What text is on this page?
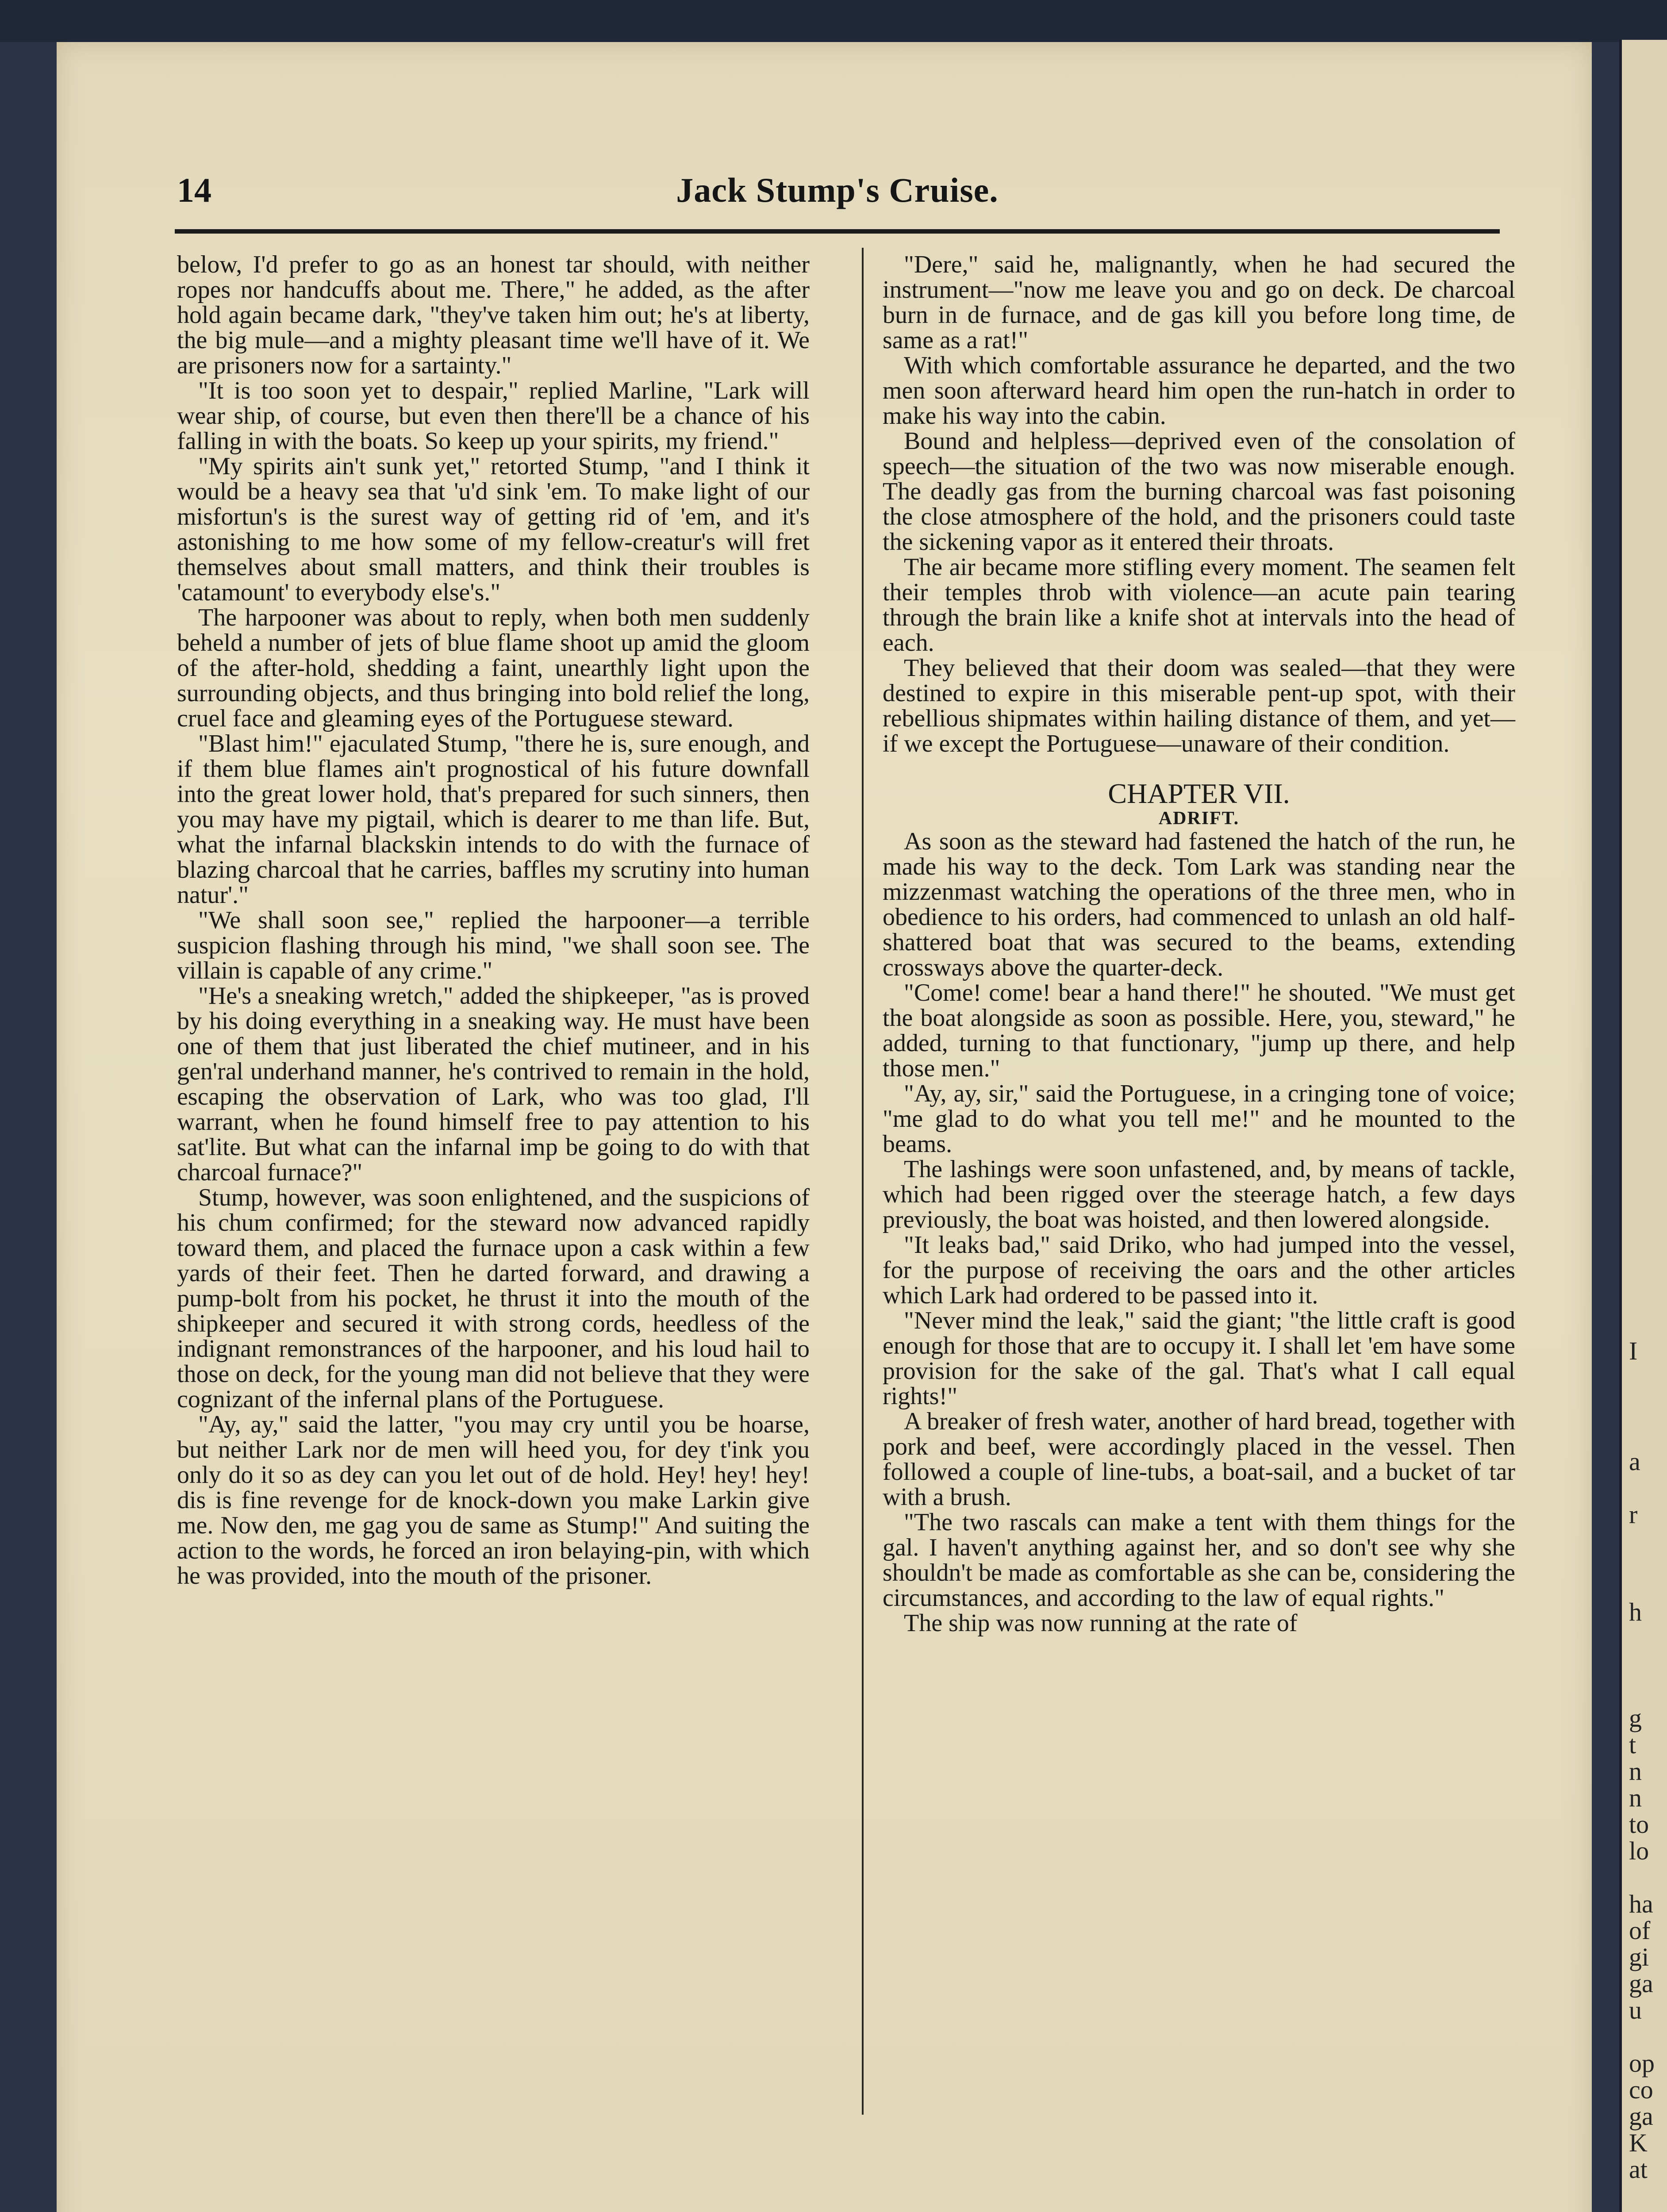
I
a
r
h
g
t
n
n
to
lo
ha
of
gi
ga
u
op
co
ga
K
at
14	Jack Stump's Cruise.

below, I'd prefer to go as an honest tar should, with neither ropes nor handcuffs about me. There," he added, as the after hold again became dark, "they've taken him out; he's at liberty, the big mule—and a mighty pleasant time we'll have of it. We are prisoners now for a sartainty."

"It is too soon yet to despair," replied Marline, "Lark will wear ship, of course, but even then there'll be a chance of his falling in with the boats. So keep up your spirits, my friend."

"My spirits ain't sunk yet," retorted Stump, "and I think it would be a heavy sea that 'u'd sink 'em. To make light of our misfortun's is the surest way of getting rid of 'em, and it's astonishing to me how some of my fellow-creatur's will fret themselves about small matters, and think their troubles is 'catamount' to everybody else's."

The harpooner was about to reply, when both men suddenly beheld a number of jets of blue flame shoot up amid the gloom of the after-hold, shedding a faint, unearthly light upon the surrounding objects, and thus bringing into bold relief the long, cruel face and gleaming eyes of the Portuguese steward.

"Blast him!" ejaculated Stump, "there he is, sure enough, and if them blue flames ain't prognostical of his future downfall into the great lower hold, that's prepared for such sinners, then you may have my pigtail, which is dearer to me than life. But, what the infarnal blackskin intends to do with the furnace of blazing charcoal that he carries, baffles my scrutiny into human natur'."

"We shall soon see," replied the harpooner—a terrible suspicion flashing through his mind, "we shall soon see. The villain is capable of any crime."

"He's a sneaking wretch," added the shipkeeper, "as is proved by his doing everything in a sneaking way. He must have been one of them that just liberated the chief mutineer, and in his gen'ral underhand manner, he's contrived to remain in the hold, escaping the observation of Lark, who was too glad, I'll warrant, when he found himself free to pay attention to his sat'lite. But what can the infarnal imp be going to do with that charcoal furnace?"

Stump, however, was soon enlightened, and the suspicions of his chum confirmed; for the steward now advanced rapidly toward them, and placed the furnace upon a cask within a few yards of their feet. Then he darted forward, and drawing a pump-bolt from his pocket, he thrust it into the mouth of the shipkeeper and secured it with strong cords, heedless of the indignant remonstrances of the harpooner, and his loud hail to those on deck, for the young man did not believe that they were cognizant of the infernal plans of the Portuguese.

"Ay, ay," said the latter, "you may cry until you be hoarse, but neither Lark nor de men will heed you, for dey t'ink you only do it so as dey can you let out of de hold. Hey! hey! hey! dis is fine revenge for de knock-down you make Larkin give me. Now den, me gag you de same as Stump!" And suiting the action to the words, he forced an iron belaying-pin, with which he was provided, into the mouth of the prisoner.

"Dere," said he, malignantly, when he had secured the instrument—"now me leave you and go on deck. De charcoal burn in de furnace, and de gas kill you before long time, de same as a rat!"

With which comfortable assurance he departed, and the two men soon afterward heard him open the run-hatch in order to make his way into the cabin.

Bound and helpless—deprived even of the consolation of speech—the situation of the two was now miserable enough. The deadly gas from the burning charcoal was fast poisoning the close atmosphere of the hold, and the prisoners could taste the sickening vapor as it entered their throats.

The air became more stifling every moment. The seamen felt their temples throb with violence—an acute pain tearing through the brain like a knife shot at intervals into the head of each.

They believed that their doom was sealed—that they were destined to expire in this miserable pent-up spot, with their rebellious shipmates within hailing distance of them, and yet—if we except the Portuguese—unaware of their condition.

CHAPTER VII.
ADRIFT.

As soon as the steward had fastened the hatch of the run, he made his way to the deck. Tom Lark was standing near the mizzenmast watching the operations of the three men, who in obedience to his orders, had commenced to unlash an old half-shattered boat that was secured to the beams, extending crossways above the quarter-deck.

"Come! come! bear a hand there!" he shouted. "We must get the boat alongside as soon as possible. Here, you, steward," he added, turning to that functionary, "jump up there, and help those men."

"Ay, ay, sir," said the Portuguese, in a cringing tone of voice; "me glad to do what you tell me!" and he mounted to the beams.

The lashings were soon unfastened, and, by means of tackle, which had been rigged over the steerage hatch, a few days previously, the boat was hoisted, and then lowered alongside.

"It leaks bad," said Driko, who had jumped into the vessel, for the purpose of receiving the oars and the other articles which Lark had ordered to be passed into it.

"Never mind the leak," said the giant; "the little craft is good enough for those that are to occupy it. I shall let 'em have some provision for the sake of the gal. That's what I call equal rights!"

A breaker of fresh water, another of hard bread, together with pork and beef, were accordingly placed in the vessel. Then followed a couple of line-tubs, a boat-sail, and a bucket of tar with a brush.

"The two rascals can make a tent with them things for the gal. I haven't anything against her, and so don't see why she shouldn't be made as comfortable as she can be, considering the circumstances, and according to the law of equal rights."

The ship was now running at the rate of
